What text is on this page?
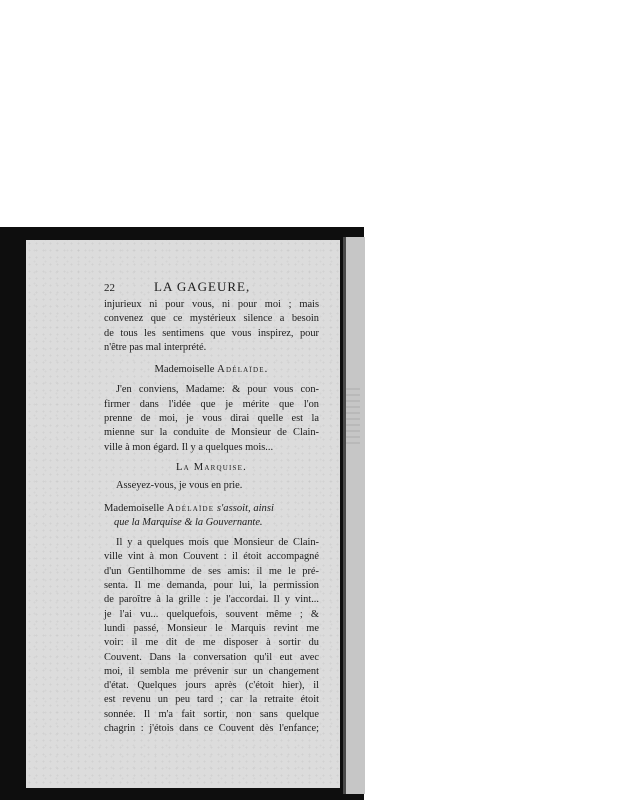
22	LA GAGEURE,

injurieux ni pour vous, ni pour moi ; mais
convenez que ce mystérieux silence a besoin
de tous les sentimens que vous inspirez, pour
n'être pas mal interprété.

Mademoiselle Adélaïde.

J'en conviens, Madame: & pour vous con-
firmer dans l'idée que je mérite que l'on
prenne de moi, je vous dirai quelle est la
mienne sur la conduite de Monsieur de Clain-
ville à mon égard. Il y a quelques mois...

La Marquise.

Asseyez-vous, je vous en prie.

Mademoiselle Adélaïde s'assoit, ainsi
que la Marquise & la Gouvernante.

Il y a quelques mois que Monsieur de Clain-
ville vint à mon Couvent : il étoit accompagné
d'un Gentilhomme de ses amis: il me le pré-
senta. Il me demanda, pour lui, la permission
de paroître à la grille : je l'accordai. Il y vint...
je l'ai vu... quelquefois, souvent même ; &
lundi passé, Monsieur le Marquis revint me
voir: il me dit de me disposer à sortir du
Couvent. Dans la conversation qu'il eut avec
moi, il sembla me prévenir sur un changement
d'état. Quelques jours après (c'étoit hier), il
est revenu un peu tard ; car la retraite étoit
sonnée. Il m'a fait sortir, non sans quelque
chagrin : j'étois dans ce Couvent dès l'enfance;
